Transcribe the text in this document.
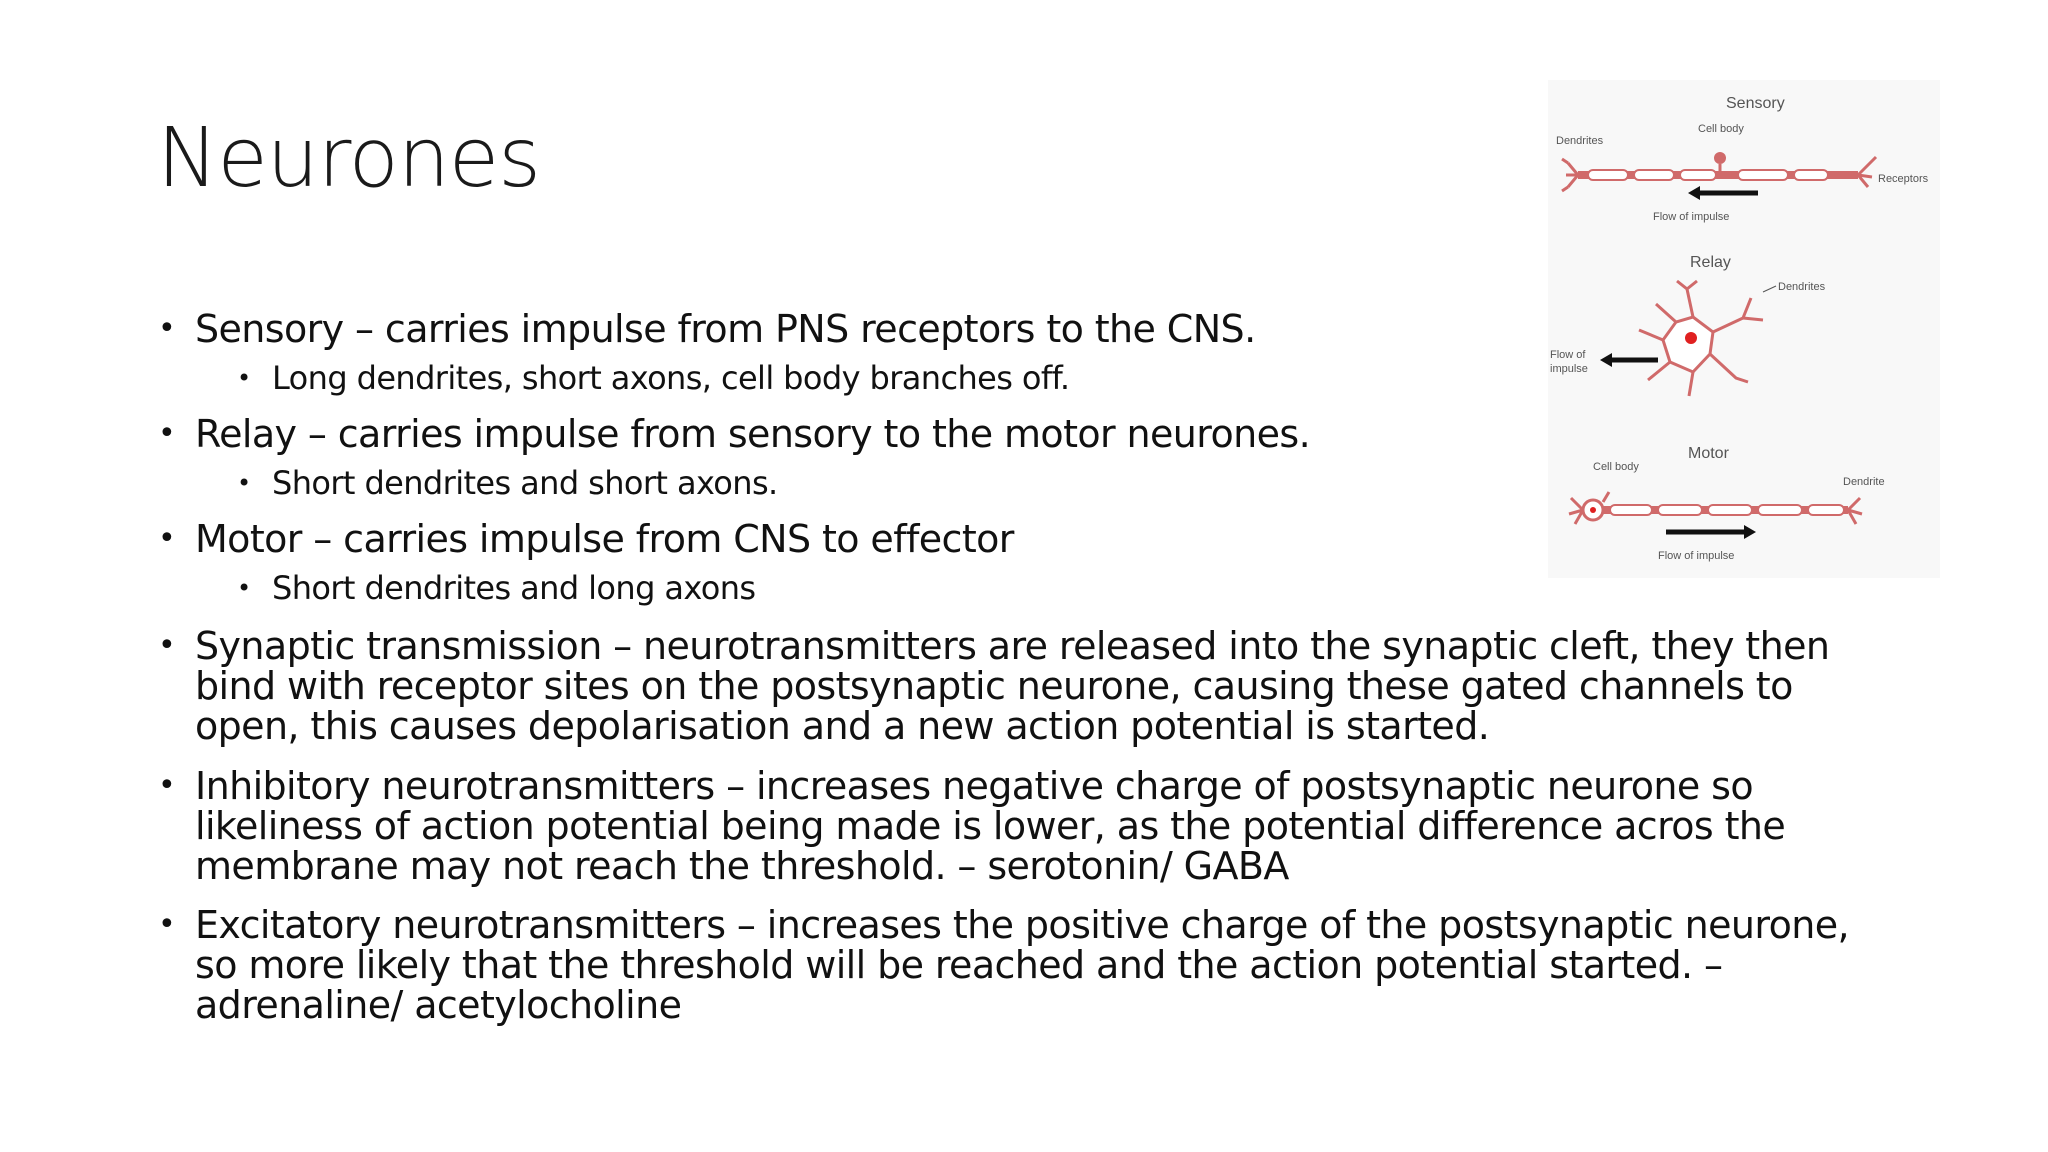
Neurones
• Sensory – carries impulse from PNS receptors to the CNS.
• Long dendrites, short axons, cell body branches off.
• Relay – carries impulse from sensory to the motor neurones.
• Short dendrites and short axons.
• Motor – carries impulse from CNS to effector
• Short dendrites and long axons
• Synaptic transmission – neurotransmitters are released into the synaptic cleft, they then
bind with receptor sites on the postsynaptic neurone, causing these gated channels to
open, this causes depolarisation and a new action potential is started.
• Inhibitory neurotransmitters – increases negative charge of postsynaptic neurone so
likeliness of action potential being made is lower, as the potential difference acros the
membrane may not reach the threshold. – serotonin/ GABA
• Excitatory neurotransmitters – increases the positive charge of the postsynaptic neurone,
so more likely that the threshold will be reached and the action potential started. –
adrenaline/ acetylocholine
Sensory
Cell body
Dendrites
Receptors
Flow of impulse
Relay
Dendrites
Flow of
impulse
Motor
Cell body
Dendrite
Flow of impulse
